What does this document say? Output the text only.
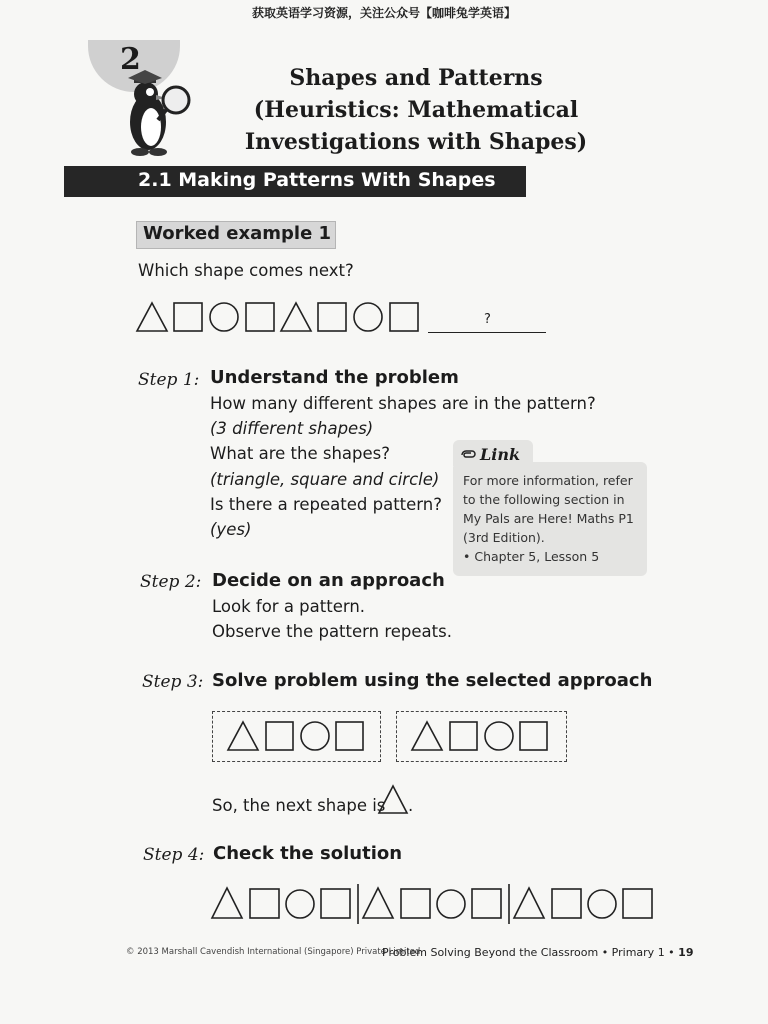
获取英语学习资源，关注公众号【咖啡兔学英语】
2
Shapes and Patterns
(Heuristics: Mathematical
Investigations with Shapes)
2.1 Making Patterns With Shapes
Worked example 1
Which shape comes next?
?
Step 1: Understand the problem
How many different shapes are in the pattern?
(3 different shapes)
What are the shapes?
(triangle, square and circle)
Is there a repeated pattern?
(yes)
Link
For more information, refer
to the following section in
My Pals are Here! Maths P1
(3rd Edition).
• Chapter 5, Lesson 5
Step 2: Decide on an approach
Look for a pattern.
Observe the pattern repeats.
Step 3: Solve problem using the selected approach
So, the next shape is .
Step 4: Check the solution
© 2013 Marshall Cavendish International (Singapore) Private Limited
Problem Solving Beyond the Classroom • Primary 1 • 19
